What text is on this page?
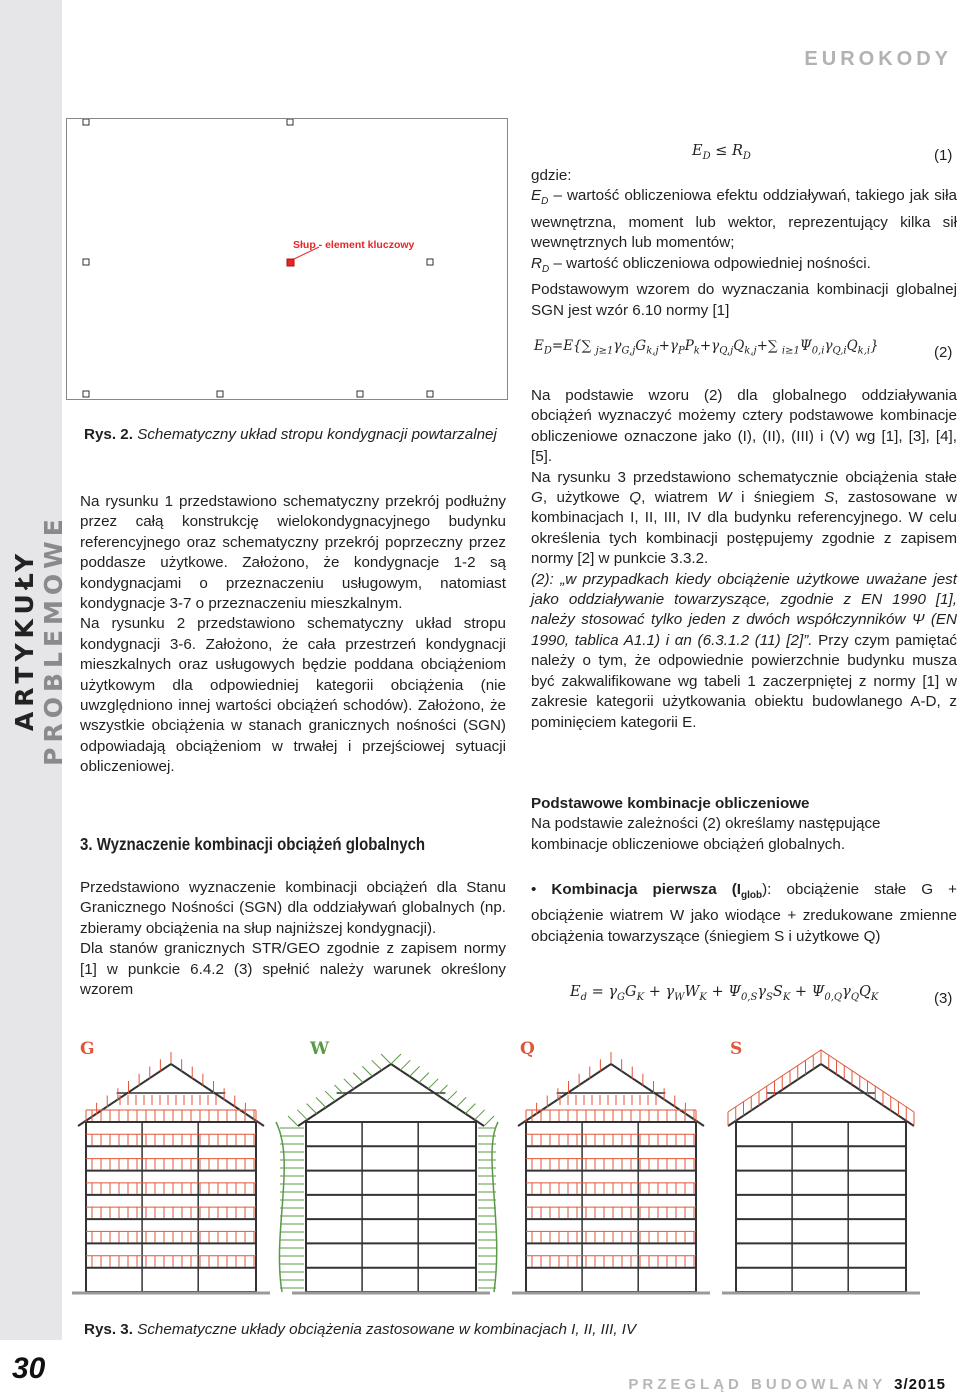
ARTYKUŁY PROBLEMOWE
30
EUROKODY
PRZEGLĄD BUDOWLANY 3/2015
Słup - element kluczowy
Rys. 2. Schematyczny układ stropu kondygnacji powtarzalnej

Na rysunku 1 przedstawiono schematyczny przekrój podłużny przez całą konstrukcję wielokondygnacyjnego budynku referencyjnego oraz schematyczny przekrój poprzeczny przez poddasze użytkowe. Założono, że kondygnacje 1-2 są kondygnacjami o przeznaczeniu usługowym, natomiast kondygnacje 3-7 o przeznaczeniu mieszkalnym.

Na rysunku 2 przedstawiono schematyczny układ stropu kondygnacji 3-6. Założono, że cała przestrzeń kondygnacji mieszkalnych oraz usługowych będzie poddana obciążeniom użytkowym dla odpowiedniej kategorii obciążenia (nie uwzględniono innej wartości obciążeń schodów). Założono, że wszystkie obciążenia w stanach granicznych nośności (SGN) odpowiadają obciążeniom w trwałej i przejściowej sytuacji obliczeniowej.

3. Wyznaczenie kombinacji obciążeń globalnych

Przedstawiono wyznaczenie kombinacji obciążeń dla Stanu Granicznego Nośności (SGN) dla oddziaływań globalnych (np. zbieramy obciążenia na słup najniższej kondygnacji).

Dla stanów granicznych STR/GEO zgodnie z zapisem normy [1] w punkcie 6.4.2 (3) spełnić należy warunek określony wzorem

$E_D \le R_D$	(1)

gdzie:

$E_D$ – wartość obliczeniowa efektu oddziaływań, takiego jak siła wewnętrzna, moment lub wektor, reprezentujący kilka sił wewnętrznych lub momentów;

$R_D$ – wartość obliczeniowa odpowiedniej nośności.

Podstawowym wzorem do wyznaczania kombinacji globalnej SGN jest wzór 6.10 normy [1]

$E_D=E\{\sum$ $_{j\ge 1}\gamma_{G,j}G_{k,j}+\gamma_PP_k+\gamma_{Q,j}Q_{k,j}+\sum$ $_{i\ge 1}\Psi_{0,i}\gamma_{Q,i}Q_{k,i}$}	(2)

Na podstawie wzoru (2) dla globalnego oddziaływania obciążeń wyznaczyć możemy cztery podstawowe kombinacje obliczeniowe oznaczone jako (I), (II), (III) i (V) wg [1], [3], [4], [5].

Na rysunku 3 przedstawiono schematycznie obciążenia stałe G, użytkowe Q, wiatrem W i śniegiem S, zastosowane w kombinacjach I, II, III, IV dla budynku referencyjnego. W celu określenia tych kombinacji postępujemy zgodnie z zapisem normy [2] w punkcie 3.3.2.

(2): „w przypadkach kiedy obciążenie użytkowe uważane jest jako oddziaływanie towarzyszące, zgodnie z EN 1990 [1], należy stosować tylko jeden z dwóch współczynników Ψ (EN 1990, tablica A1.1) i αn (6.3.1.2 (11) [2]”. Przy czym pamiętać należy o tym, że odpowiednie powierzchnie budynku musza być zakwalifikowane wg tabeli 1 zaczerpniętej z normy [1] w zakresie kategorii użytkowania obiektu budowlanego A-D, z pominięciem kategorii E.

Podstawowe kombinacje obliczeniowe

Na podstawie zależności (2) określamy następujące kombinacje obliczeniowe obciążeń globalnych.

• Kombinacja pierwsza $(I_{glob})$: obciążenie stałe G + obciążenie wiatrem W jako wiodące + zredukowane zmienne obciążenia towarzyszące (śniegiem S i użytkowe Q)
$E_d = \gamma_GG_K + \gamma_WW_K + \Psi_{0,S}\gamma_SS_K + \Psi_{0,Q}\gamma_QQ_K$	(3)
G	W	Q	S
Rys. 3. Schematyczne układy obciążenia zastosowane w kombinacjach I, II, III, IV
